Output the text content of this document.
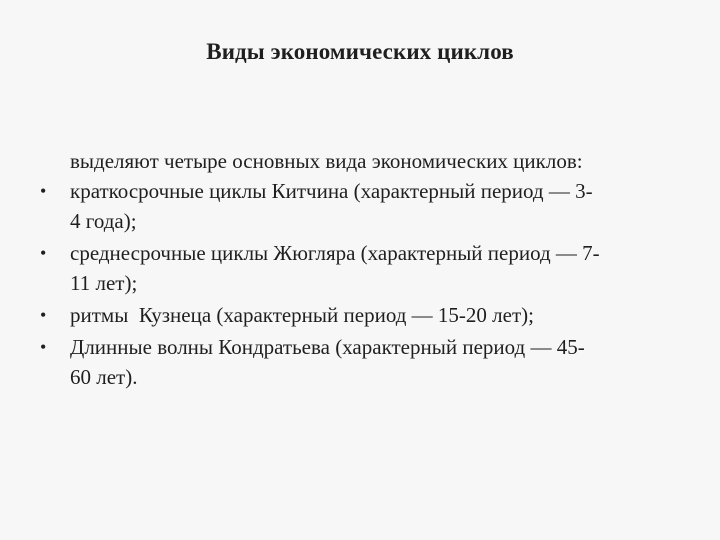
Виды экономических циклов
выделяют четыре основных вида экономических циклов:
•	краткосрочные циклы Китчина (характерный период — 3-
4 года);
•	среднесрочные циклы Жюгляра (характерный период — 7-
11 лет);
•	ритмы  Кузнеца (характерный период — 15-20 лет);
•	Длинные волны Кондратьева (характерный период — 45-
60 лет).
